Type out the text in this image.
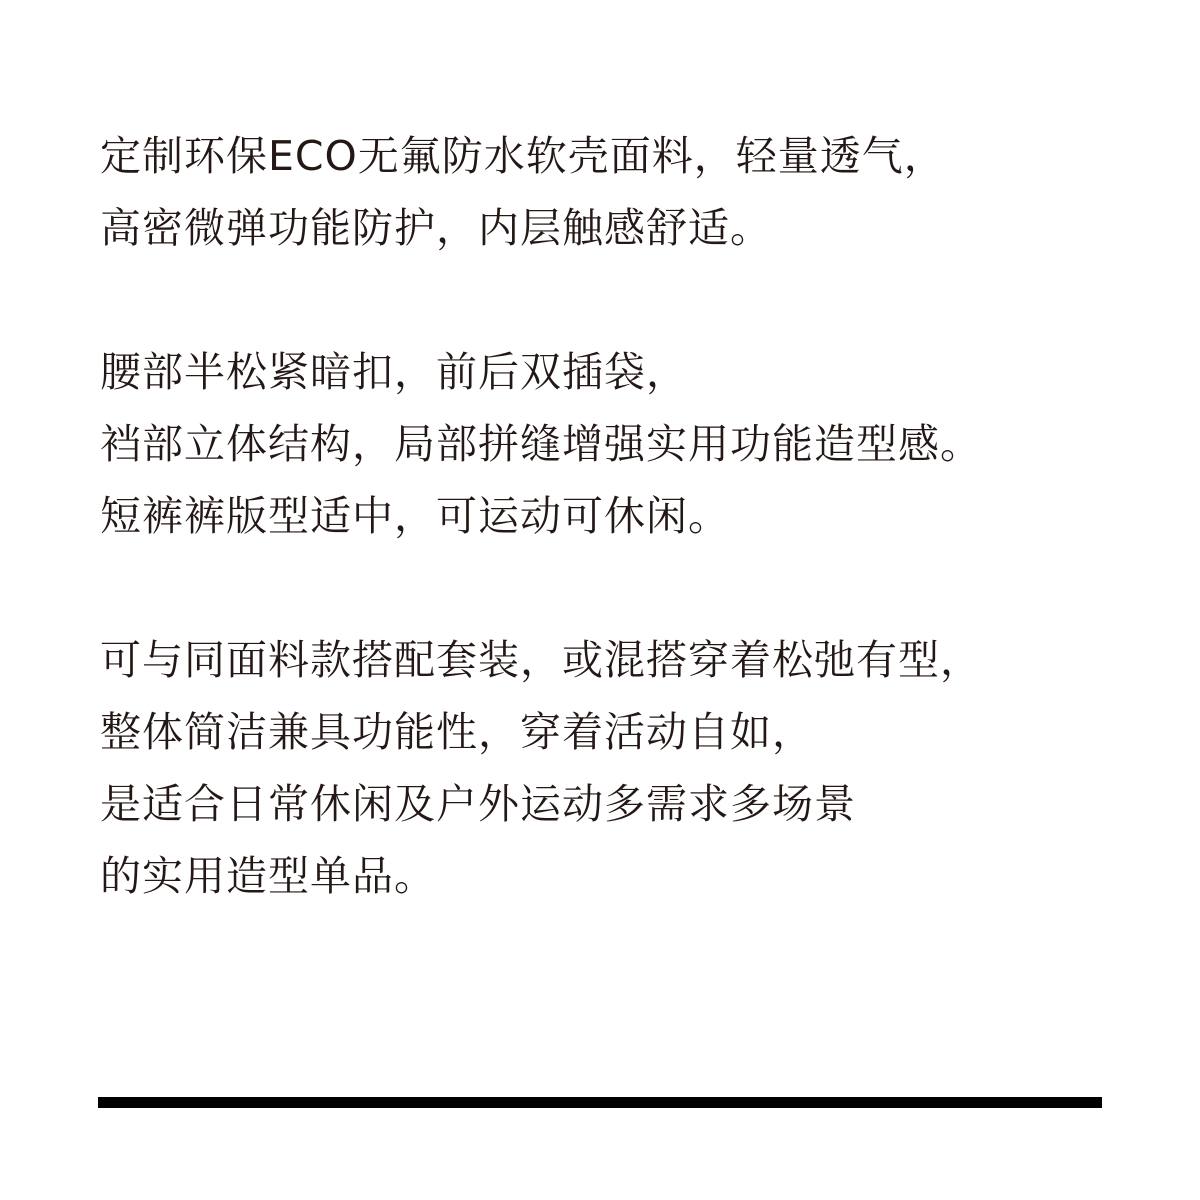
定制环保ECO无氟防水软壳面料，轻量透气，
高密微弹功能防护，内层触感舒适。
腰部半松紧暗扣，前后双插袋，
裆部立体结构，局部拼缝增强实用功能造型感。
短裤裤版型适中，可运动可休闲。
可与同面料款搭配套装，或混搭穿着松弛有型，
整体简洁兼具功能性，穿着活动自如，
是适合日常休闲及户外运动多需求多场景
的实用造型单品。
